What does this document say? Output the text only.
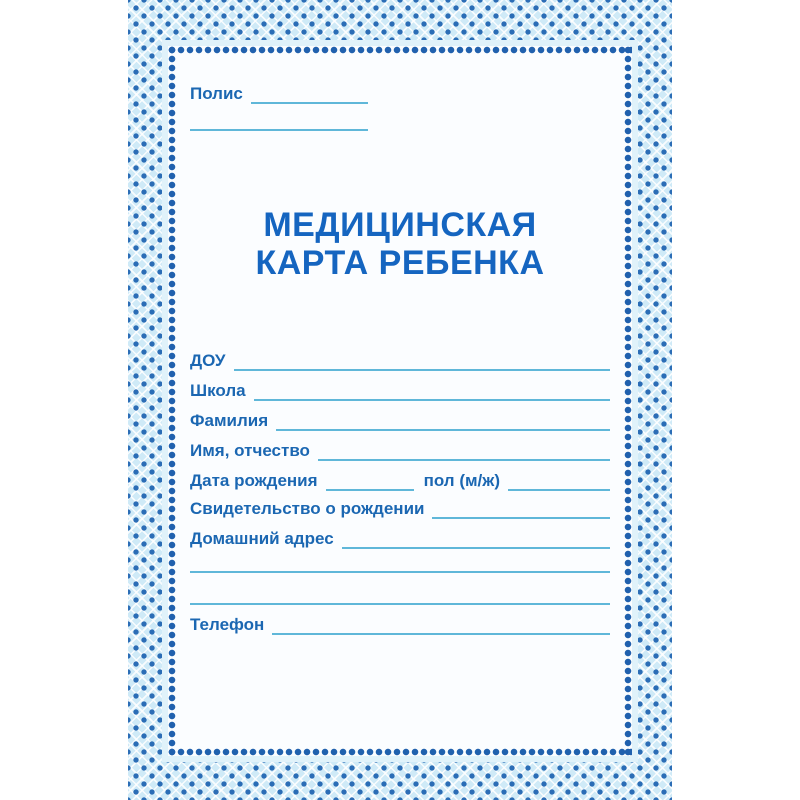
Полис
МЕДИЦИНСКАЯ
КАРТА РЕБЕНКА
ДОУ
Школа
Фамилия
Имя, отчество
Дата рождения	пол (м/ж)
Свидетельство о рождении
Домашний адрес
Телефон
